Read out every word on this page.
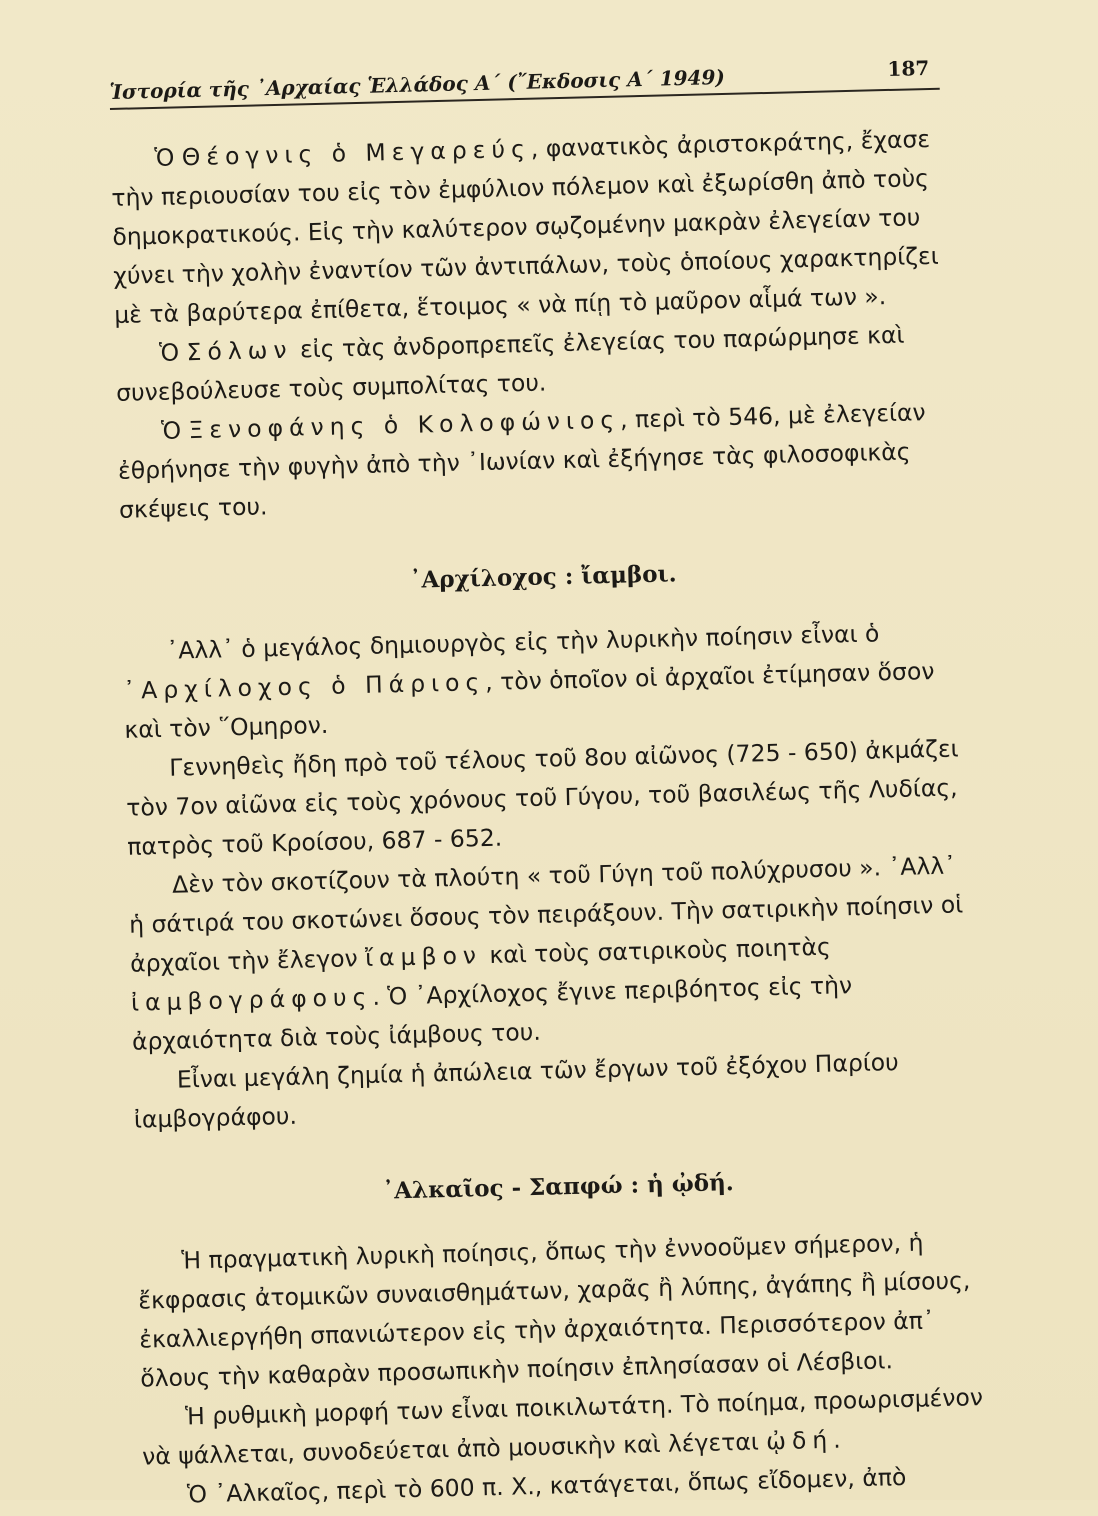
Ἱστορία τῆς ᾽Αρχαίας Ἑλλάδος Α΄ (῎Εκδοσις Α΄ 1949)	187

Ὁ Θέογνις ὁ Μεγαρεύς, φανατικὸς ἀριστοκράτης, ἔχασε τὴν περιουσίαν του εἰς τὸν ἐμφύλιον πόλεμον καὶ ἐξωρίσθη ἀπὸ τοὺς δημοκρατικούς. Εἰς τὴν καλύτερον σῳζομένην μακρὰν ἐλεγείαν του χύνει τὴν χολὴν ἐναντίον τῶν ἀντιπάλων, τοὺς ὁποίους χαρακτηρίζει μὲ τὰ βαρύτερα ἐπίθετα, ἕτοιμος « νὰ πίῃ τὸ μαῦρον αἷμά των ».

Ὁ Σόλων εἰς τὰς ἀνδροπρεπεῖς ἐλεγείας του παρώρμησε καὶ συνεβούλευσε τοὺς συμπολίτας του.

Ὁ Ξενοφάνης ὁ Κολοφώνιος, περὶ τὸ 546, μὲ ἐλεγείαν ἐθρήνησε τὴν φυγὴν ἀπὸ τὴν ᾽Ιωνίαν καὶ ἐξήγησε τὰς φιλοσοφικὰς σκέψεις του.

᾽Αρχίλοχος : ἴαμβοι.

᾽Αλλ᾽ ὁ μεγάλος δημιουργὸς εἰς τὴν λυρικὴν ποίησιν εἶναι ὁ ᾽Αρχίλοχος ὁ Πάριος, τὸν ὁποῖον οἱ ἀρχαῖοι ἐτίμησαν ὅσον καὶ τὸν ῞Ομηρον.

Γεννηθεὶς ἤδη πρὸ τοῦ τέλους τοῦ 8ου αἰῶνος (725 - 650) ἀκμάζει τὸν 7ον αἰῶνα εἰς τοὺς χρόνους τοῦ Γύγου, τοῦ βασιλέως τῆς Λυδίας, πατρὸς τοῦ Κροίσου, 687 - 652.

Δὲν τὸν σκοτίζουν τὰ πλούτη « τοῦ Γύγη τοῦ πολύχρυσου ». ᾽Αλλ᾽ ἡ σάτιρά του σκοτώνει ὅσους τὸν πειράξουν. Τὴν σατιρικὴν ποίησιν οἱ ἀρχαῖοι τὴν ἔλεγον ἴαμβον καὶ τοὺς σατιρικοὺς ποιητὰς ἰαμβογράφους. Ὁ ᾽Αρχίλοχος ἔγινε περιβόητος εἰς τὴν ἀρχαιότητα διὰ τοὺς ἰάμβους του.

Εἶναι μεγάλη ζημία ἡ ἀπώλεια τῶν ἔργων τοῦ ἐξόχου Παρίου ἰαμβογράφου.

᾽Αλκαῖος - Σαπφώ : ἡ ᾠδή.

Ἡ πραγματικὴ λυρικὴ ποίησις, ὅπως τὴν ἐννοοῦμεν σήμερον, ἡ ἔκφρασις ἀτομικῶν συναισθημάτων, χαρᾶς ἢ λύπης, ἀγάπης ἢ μίσους, ἐκαλλιεργήθη σπανιώτερον εἰς τὴν ἀρχαιότητα. Περισσότερον ἀπ᾽ ὅλους τὴν καθαρὰν προσωπικὴν ποίησιν ἐπλησίασαν οἱ Λέσβιοι.

Ἡ ρυθμικὴ μορφή των εἶναι ποικιλωτάτη. Τὸ ποίημα, προωρισμένον νὰ ψάλλεται, συνοδεύεται ἀπὸ μουσικὴν καὶ λέγεται ᾠδή.

Ὁ ᾽Αλκαῖος, περὶ τὸ 600 π. Χ., κατάγεται, ὅπως εἴδομεν, ἀπὸ
